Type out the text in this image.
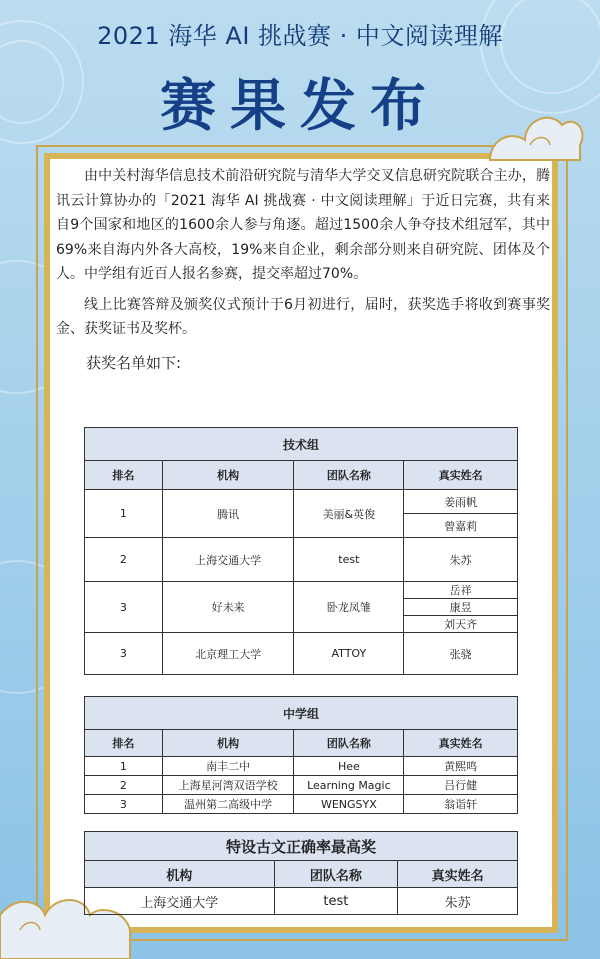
2021 海华 AI 挑战赛 · 中文阅读理解
赛果发布

由中关村海华信息技术前沿研究院与清华大学交叉信息研究院联合主办，腾讯云计算协办的「2021 海华 AI 挑战赛 · 中文阅读理解」于近日完赛，共有来自9个国家和地区的1600余人参与角逐。超过1500余人争夺技术组冠军，其中69%来自海内外各大高校，19%来自企业，剩余部分则来自研究院、团体及个人。中学组有近百人报名参赛，提交率超过70%。

线上比赛答辩及颁奖仪式预计于6月初进行，届时，获奖选手将收到赛事奖金、获奖证书及奖杯。

获奖名单如下:
技术组			
排名	机构	团队名称	真实姓名
1	腾讯	美丽&英俊	姜雨帆
			曾嘉莉
2	上海交通大学	test	朱苏
3	好未来	卧龙凤雏	岳祥
			康昱
			刘天齐
3	北京理工大学	ATTOY	张骁
中学组			
排名	机构	团队名称	真实姓名
1	南丰二中	Hee	黄熙鸣
2	上海星河湾双语学校	Learning Magic	吕行健
3	温州第二高级中学	WENGSYX	翁诣轩
特设古文正确率最高奖		
机构	团队名称	真实姓名
上海交通大学	test	朱苏
